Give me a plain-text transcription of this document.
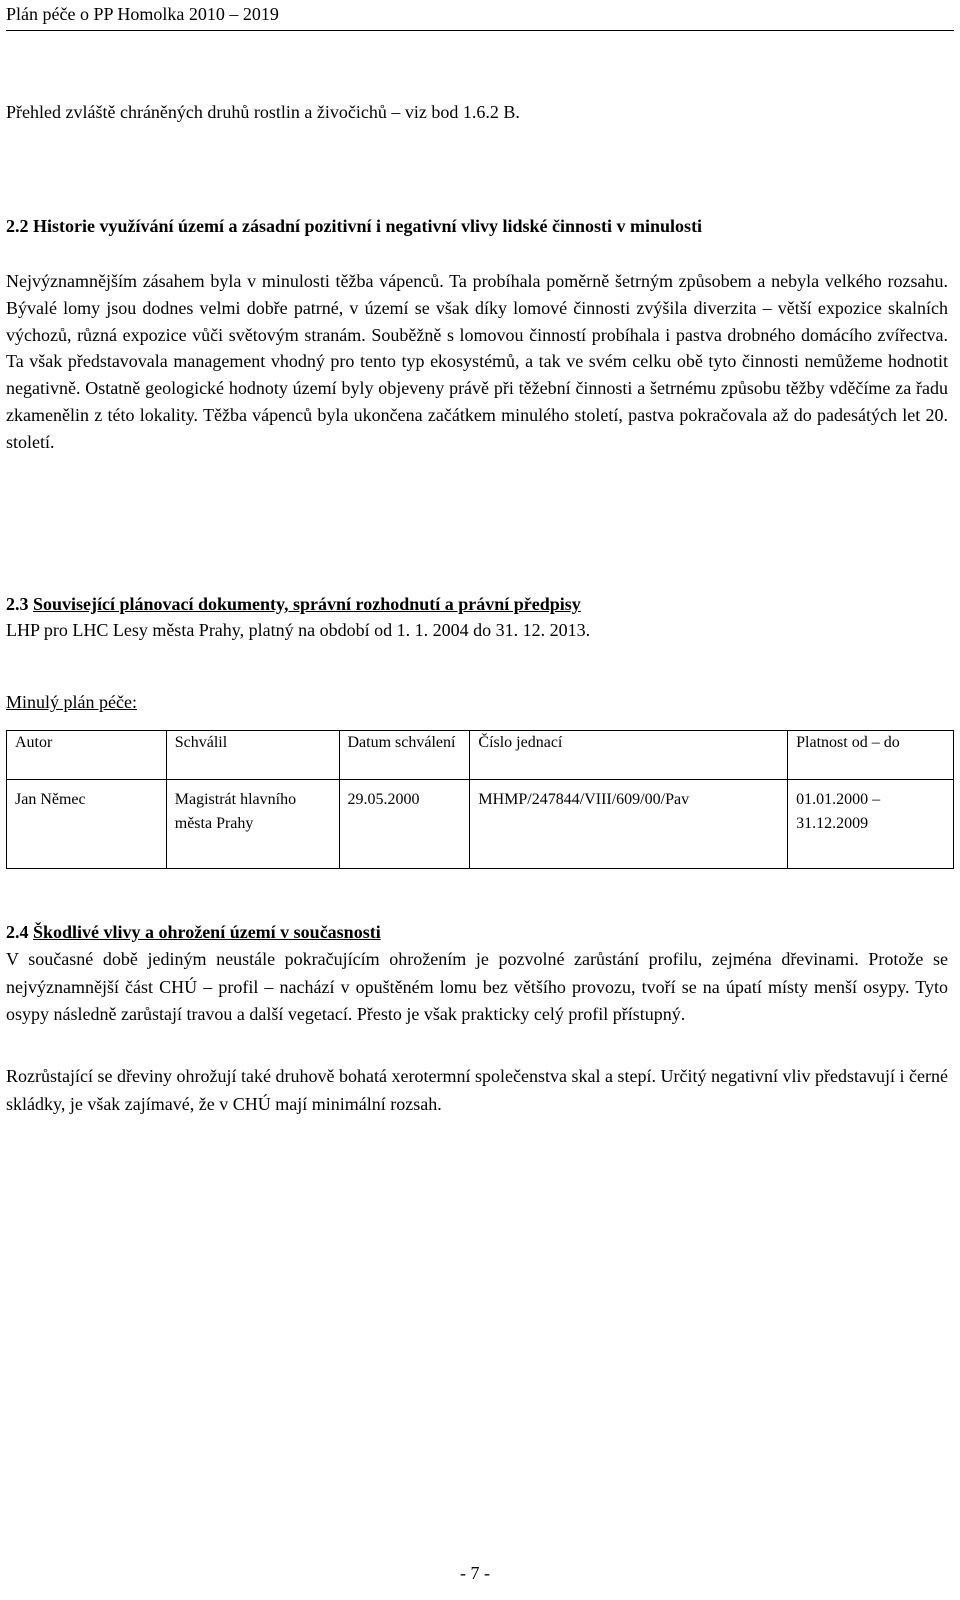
Plán péče o PP Homolka 2010 – 2019
Přehled zvláště chráněných druhů rostlin a živočichů – viz bod 1.6.2 B.
2.2 Historie využívání území a zásadní pozitivní i negativní vlivy lidské činnosti v minulosti
Nejvýznamnějším zásahem byla v minulosti těžba vápenců. Ta probíhala poměrně šetrným způsobem a nebyla velkého rozsahu. Bývalé lomy jsou dodnes velmi dobře patrné, v území se však díky lomové činnosti zvýšila diverzita – větší expozice skalních výchozů, různá expozice vůči světovým stranám. Souběžně s lomovou činností probíhala i pastva drobného domácího zvířectva. Ta však představovala management vhodný pro tento typ ekosystémů, a tak ve svém celku obě tyto činnosti nemůžeme hodnotit negativně. Ostatně geologické hodnoty území byly objeveny právě při těžební činnosti a šetrnému způsobu těžby vděčíme za řadu zkamenělin z této lokality. Těžba vápenců byla ukončena začátkem minulého století, pastva pokračovala až do padesátých let 20. století.
2.3 Související plánovací dokumenty, správní rozhodnutí a právní předpisy
LHP pro LHC Lesy města Prahy, platný na období od 1. 1. 2004 do 31. 12. 2013.
Minulý plán péče:
Autor	Schválil	Datum schválení	Číslo jednací	Platnost od – do
Jan Němec	Magistrát hlavního města Prahy	29.05.2000	MHMP/247844/VIII/609/00/Pav	01.01.2000 – 31.12.2009
2.4 Škodlivé vlivy a ohrožení území v současnosti
V současné době jediným neustále pokračujícím ohrožením je pozvolné zarůstání profilu, zejména dřevinami. Protože se nejvýznamnější část CHÚ – profil – nachází v opuštěném lomu bez většího provozu, tvoří se na úpatí místy menší osypy. Tyto osypy následně zarůstají travou a další vegetací. Přesto je však prakticky celý profil přístupný.
Rozrůstající se dřeviny ohrožují také druhově bohatá xerotermní společenstva skal a stepí. Určitý negativní vliv představují i černé skládky, je však zajímavé, že v CHÚ mají minimální rozsah.
- 7 -
